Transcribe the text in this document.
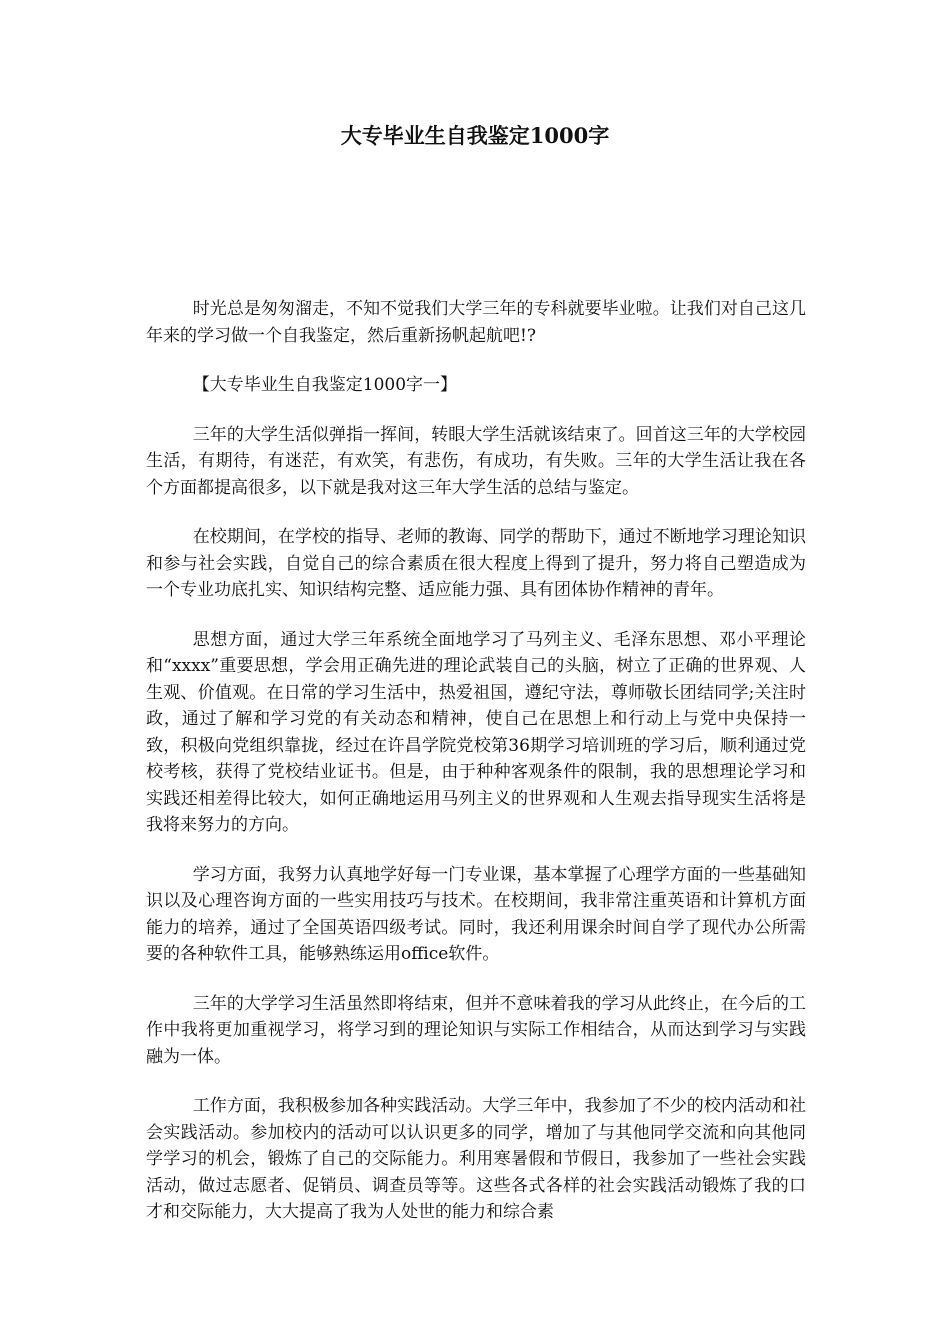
大专毕业生自我鉴定1000字

时光总是匆匆溜走，不知不觉我们大学三年的专科就要毕业啦。让我们对自己这几年来的学习做一个自我鉴定，然后重新扬帆起航吧!?

【大专毕业生自我鉴定1000字一】

三年的大学生活似弹指一挥间，转眼大学生活就该结束了。回首这三年的大学校园生活，有期待，有迷茫，有欢笑，有悲伤，有成功，有失败。三年的大学生活让我在各个方面都提高很多，以下就是我对这三年大学生活的总结与鉴定。

在校期间，在学校的指导、老师的教诲、同学的帮助下，通过不断地学习理论知识和参与社会实践，自觉自己的综合素质在很大程度上得到了提升，努力将自己塑造成为一个专业功底扎实、知识结构完整、适应能力强、具有团体协作精神的青年。

思想方面，通过大学三年系统全面地学习了马列主义、毛泽东思想、邓小平理论和“xxxx”重要思想，学会用正确先进的理论武装自己的头脑，树立了正确的世界观、人生观、价值观。在日常的学习生活中，热爱祖国，遵纪守法，尊师敬长团结同学;关注时政，通过了解和学习党的有关动态和精神，使自己在思想上和行动上与党中央保持一致，积极向党组织靠拢，经过在许昌学院党校第36期学习培训班的学习后，顺利通过党校考核，获得了党校结业证书。但是，由于种种客观条件的限制，我的思想理论学习和实践还相差得比较大，如何正确地运用马列主义的世界观和人生观去指导现实生活将是我将来努力的方向。

学习方面，我努力认真地学好每一门专业课，基本掌握了心理学方面的一些基础知识以及心理咨询方面的一些实用技巧与技术。在校期间，我非常注重英语和计算机方面能力的培养，通过了全国英语四级考试。同时，我还利用课余时间自学了现代办公所需要的各种软件工具，能够熟练运用office软件。

三年的大学学习生活虽然即将结束，但并不意味着我的学习从此终止，在今后的工作中我将更加重视学习，将学习到的理论知识与实际工作相结合，从而达到学习与实践融为一体。

工作方面，我积极参加各种实践活动。大学三年中，我参加了不少的校内活动和社会实践活动。参加校内的活动可以认识更多的同学，增加了与其他同学交流和向其他同学学习的机会，锻炼了自己的交际能力。利用寒暑假和节假日，我参加了一些社会实践活动，做过志愿者、促销员、调查员等等。这些各式各样的社会实践活动锻炼了我的口才和交际能力，大大提高了我为人处世的能力和综合素
